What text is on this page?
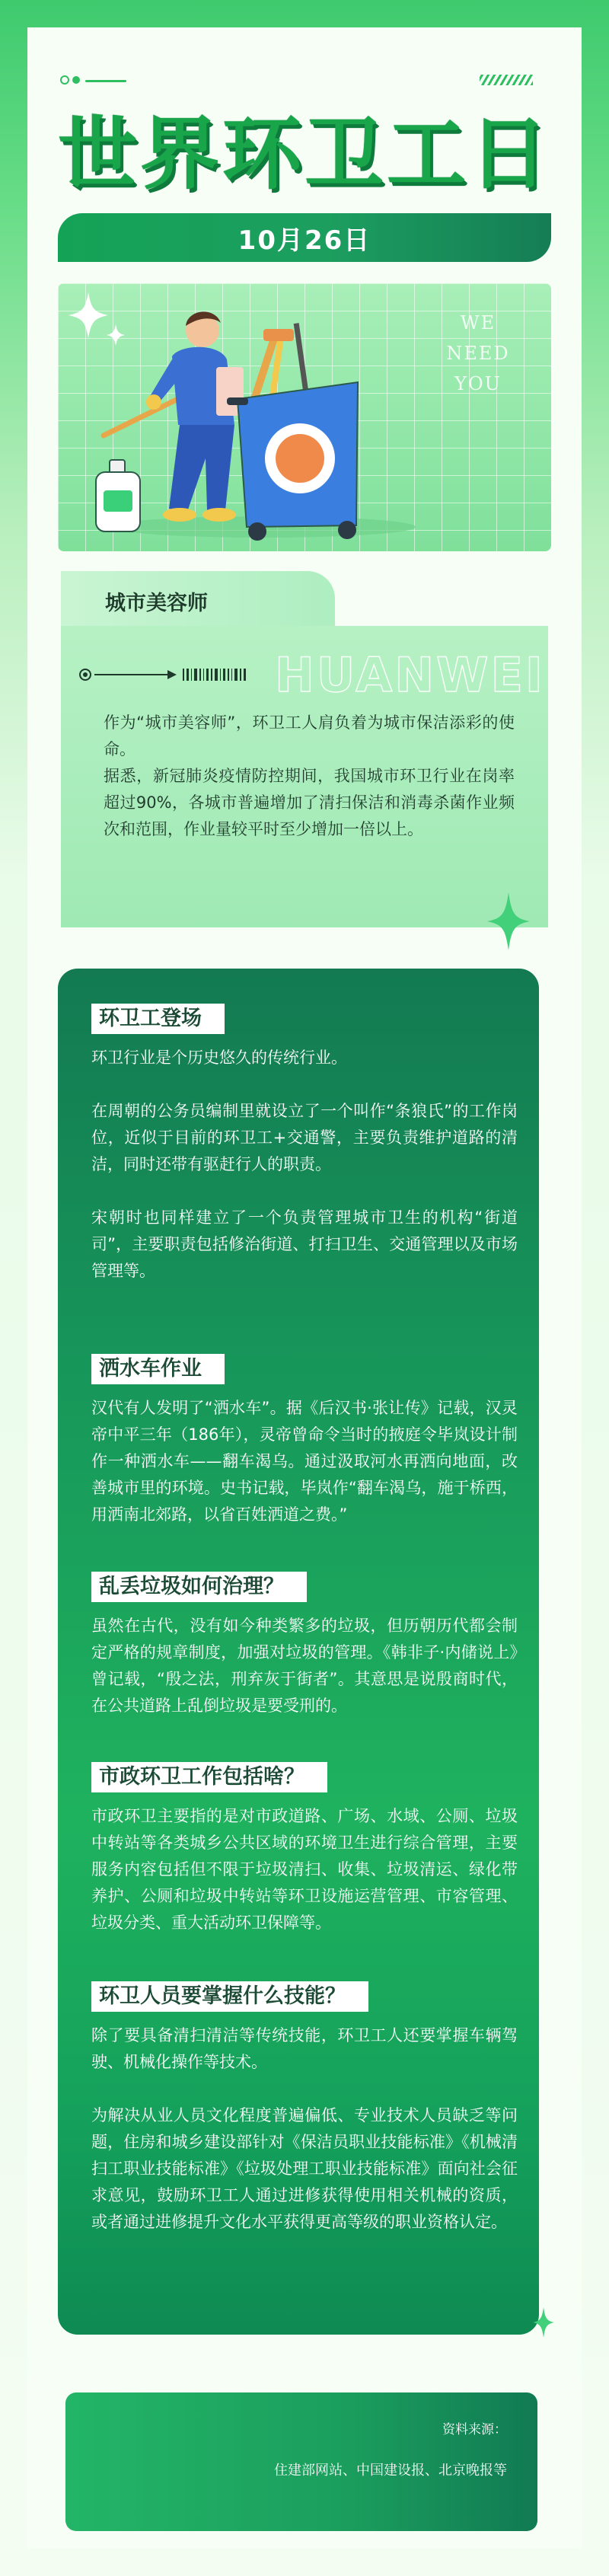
世界环卫工日
10月26日
WE
NEED
YOU
城市美容师
HUANWEI

作为“城市美容师”，环卫工人肩负着为城市保洁添彩的使命。

据悉，新冠肺炎疫情防控期间，我国城市环卫行业在岗率超过90%，各城市普遍增加了清扫保洁和消毒杀菌作业频次和范围，作业量较平时至少增加一倍以上。

环卫工登场

环卫行业是个历史悠久的传统行业。

在周朝的公务员编制里就设立了一个叫作“条狼氏”的工作岗位，近似于目前的环卫工+交通警，主要负责维护道路的清洁，同时还带有驱赶行人的职责。

宋朝时也同样建立了一个负责管理城市卫生的机构“街道司”，主要职责包括修治街道、打扫卫生、交通管理以及市场管理等。

洒水车作业

汉代有人发明了“洒水车”。据《后汉书·张让传》记载，汉灵帝中平三年（186年），灵帝曾命令当时的掖庭令毕岚设计制作一种洒水车——翻车渴乌。通过汲取河水再洒向地面，改善城市里的环境。史书记载，毕岚作“翻车渴乌，施于桥西，用洒南北郊路，以省百姓洒道之费。”

乱丢垃圾如何治理？

虽然在古代，没有如今种类繁多的垃圾，但历朝历代都会制定严格的规章制度，加强对垃圾的管理。《韩非子·内储说上》曾记载，“殷之法，刑弃灰于街者”。其意思是说殷商时代，在公共道路上乱倒垃圾是要受刑的。

市政环卫工作包括啥？

市政环卫主要指的是对市政道路、广场、水域、公厕、垃圾中转站等各类城乡公共区域的环境卫生进行综合管理，主要服务内容包括但不限于垃圾清扫、收集、垃圾清运、绿化带养护、公厕和垃圾中转站等环卫设施运营管理、市容管理、垃圾分类、重大活动环卫保障等。

环卫人员要掌握什么技能？

除了要具备清扫清洁等传统技能，环卫工人还要掌握车辆驾驶、机械化操作等技术。

为解决从业人员文化程度普遍偏低、专业技术人员缺乏等问题，住房和城乡建设部针对《保洁员职业技能标准》《机械清扫工职业技能标准》《垃圾处理工职业技能标准》面向社会征求意见，鼓励环卫工人通过进修获得使用相关机械的资质，或者通过进修提升文化水平获得更高等级的职业资格认定。

资料来源：
住建部网站、中国建设报、北京晚报等
